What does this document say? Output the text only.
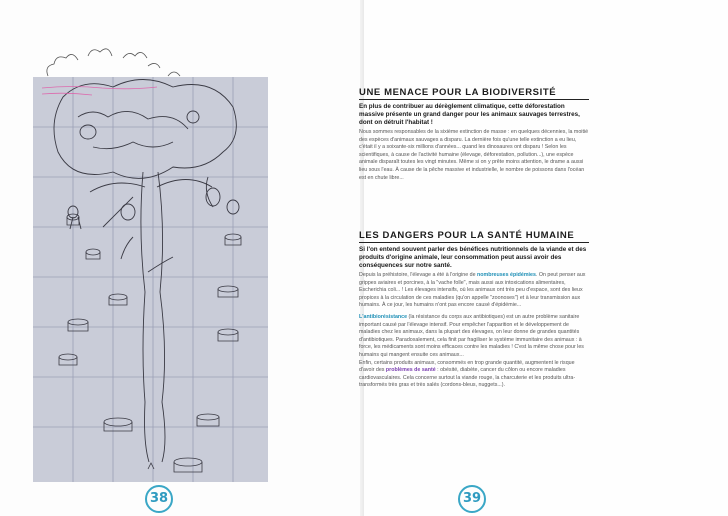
38
UNE MENACE POUR LA BIODIVERSITÉ

En plus de contribuer au dérèglement climatique, cette déforestation massive présente un grand danger pour les animaux sauvages terrestres, dont on détruit l'habitat !

Nous sommes responsables de la sixième extinction de masse : en quelques décennies, la moitié des espèces d'animaux sauvages a disparu. La dernière fois qu'une telle extinction a eu lieu, c'était il y a soixante-six millions d'années... quand les dinosaures ont disparu ! Selon les scientifiques, à cause de l'activité humaine (élevage, déforestation, pollution...), une espèce animale disparaît toutes les vingt minutes. Même si on y prête moins attention, le drame a aussi lieu sous l'eau. À cause de la pêche massive et industrielle, le nombre de poissons dans l'océan est en chute libre...

LES DANGERS POUR LA SANTÉ HUMAINE

Si l'on entend souvent parler des bénéfices nutritionnels de la viande et des produits d'origine animale, leur consommation peut aussi avoir des conséquences sur notre santé.

Depuis la préhistoire, l'élevage a été à l'origine de nombreuses épidémies. On peut penser aux grippes aviaires et porcines, à la "vache folle", mais aussi aux intoxications alimentaires, Escherichia coli... ! Les élevages intensifs, où les animaux ont très peu d'espace, sont des lieux propices à la circulation de ces maladies (qu'on appelle "zoonoses") et à leur transmission aux humains. À ce jour, les humains n'ont pas encore causé d'épidémie...

L'antibiorésistance (la résistance du corps aux antibiotiques) est un autre problème sanitaire important causé par l'élevage intensif. Pour empêcher l'apparition et le développement de maladies chez les animaux, dans la plupart des élevages, on leur donne de grandes quantités d'antibiotiques. Paradoxalement, cela finit par fragiliser le système immunitaire des animaux : à force, les médicaments sont moins efficaces contre les maladies ! C'est la même chose pour les humains qui mangent ensuite ces animaux...

Enfin, certains produits animaux, consommés en trop grande quantité, augmentent le risque d'avoir des problèmes de santé : obésité, diabète, cancer du côlon ou encore maladies cardiovasculaires. Cela concerne surtout la viande rouge, la charcuterie et les produits ultra-transformés très gras et très salés (cordons-bleus, nuggets...).

39
